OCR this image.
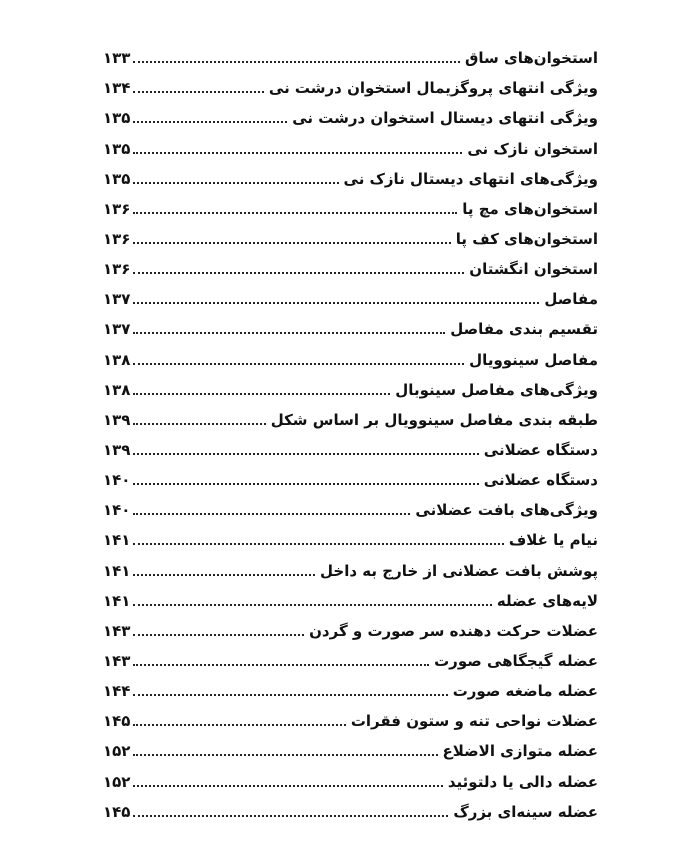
استخوان‌های ساق
۱۳۳
ویژگی انتهای پروگزیمال استخوان درشت نی
۱۳۴
ویژگی انتهای دیستال استخوان درشت نی
۱۳۵
استخوان نازک نی
۱۳۵
ویژگی‌های انتهای دیستال نازک نی
۱۳۵
استخوان‌های مچ پا
۱۳۶
استخوان‌های کف پا
۱۳۶
استخوان انگشتان
۱۳۶
مفاصل
۱۳۷
تقسیم بندی مفاصل
۱۳۷
مفاصل سینوویال
۱۳۸
ویژگی‌های مفاصل سینوبال
۱۳۸
طبقه بندی مفاصل سینوویال بر اساس شکل
۱۳۹
دستگاه عضلانی
۱۳۹
دستگاه عضلانی
۱۴۰
ویژگی‌های بافت عضلانی
۱۴۰
نیام یا غلاف
۱۴۱
پوشش بافت عضلانی از خارج به داخل
۱۴۱
لایه‌های عضله
۱۴۱
عضلات حرکت دهنده سر صورت و گردن
۱۴۳
عضله گیجگاهی صورت
۱۴۳
عضله ماضغه صورت
۱۴۴
عضلات نواحی تنه و ستون فقرات
۱۴۵
عضله متوازی الاضلاع
۱۵۲
عضله دالی یا دلتوئید
۱۵۲
عضله سینه‌ای بزرگ
۱۴۵
